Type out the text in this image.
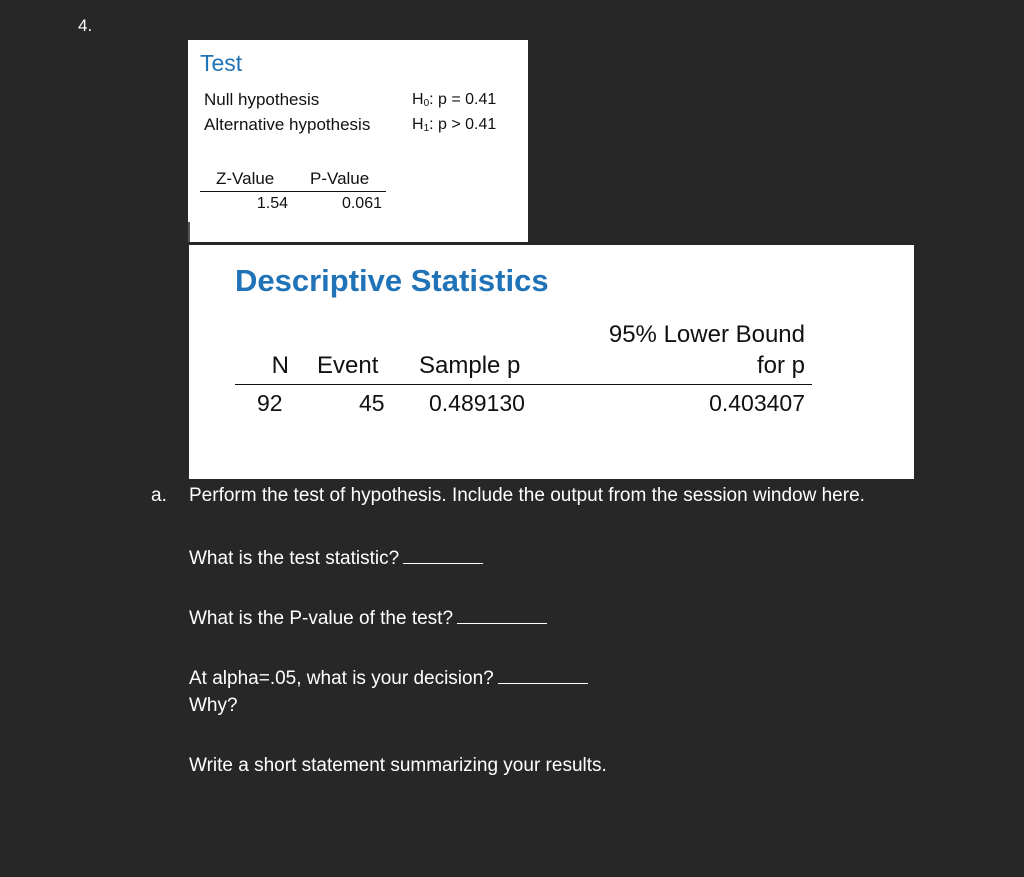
4.
Test
Null hypothesis	$H_0$: p = 0.41
Alternative hypothesis	$H_1$: p > 0.41
Z-Value P-Value
1.54	0.061
Descriptive Statistics
N Event Sample p
95% Lower Bound
for p
92	45 0.489130	0.403407
a. Perform the test of hypothesis. Include the output from the session window here.
What is the test statistic?
What is the P-value of the test?
At alpha=.05, what is your decision?
Why?
Write a short statement summarizing your results.
